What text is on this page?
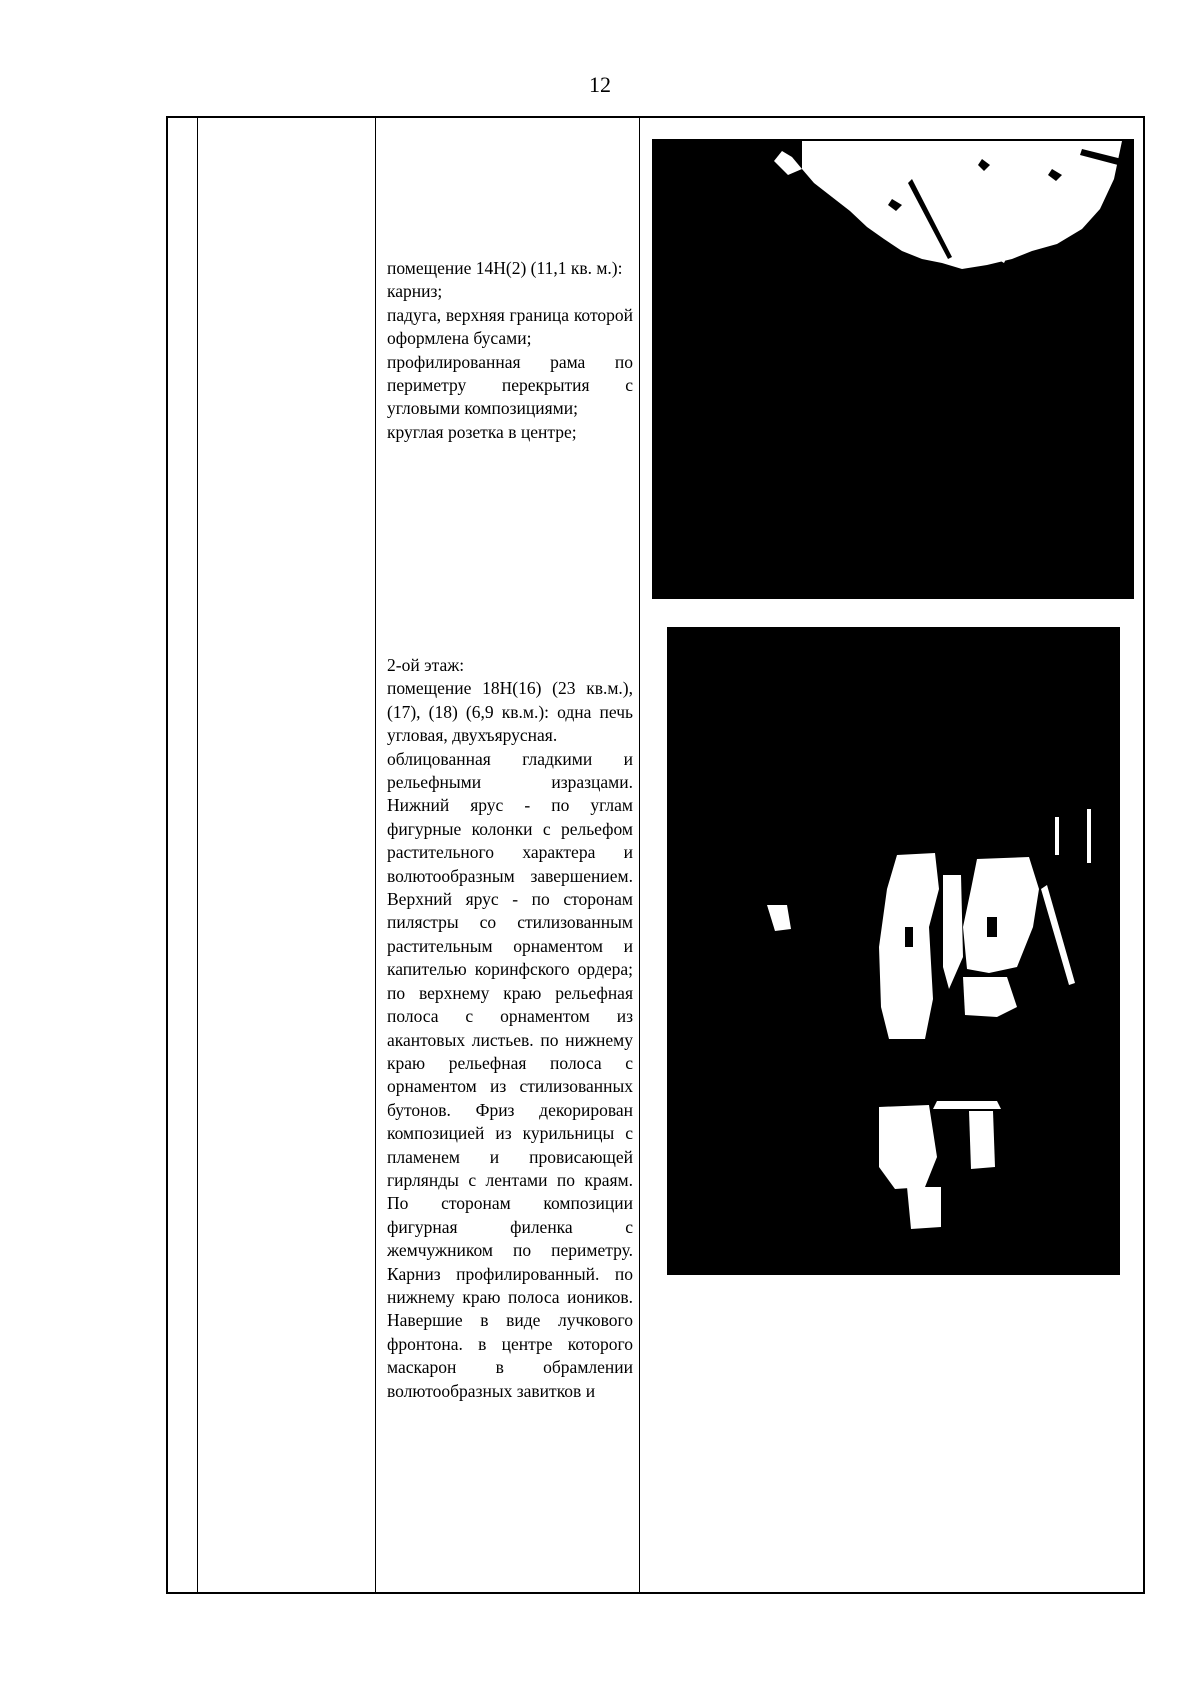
12

помещение 14Н(2) (11,1 кв. м.):

карниз;

падуга, верхняя граница которой оформлена бусами;

профилированная рама по периметру перекрытия с угловыми композициями;

круглая розетка в центре;

2-ой этаж:

помещение 18Н(16) (23 кв.м.), (17), (18) (6,9 кв.м.): одна печь угловая, двухъярусная.

облицованная гладкими и рельефными изразцами. Нижний ярус - по углам фигурные колонки с рельефом растительного характера и волютообразным завершением. Верхний ярус - по сторонам пилястры со стилизованным растительным орнаментом и капителью коринфского ордера; по верхнему краю рельефная полоса с орнаментом из акантовых листьев. по нижнему краю рельефная полоса с орнаментом из стилизованных бутонов. Фриз декорирован композицией из курильницы с пламенем и провисающей гирлянды с лентами по краям. По сторонам композиции фигурная филенка с жемчужником по периметру. Карниз профилированный. по нижнему краю полоса иоников. Навершие в виде лучкового фронтона. в центре которого маскарон в обрамлении волютообразных завитков и
